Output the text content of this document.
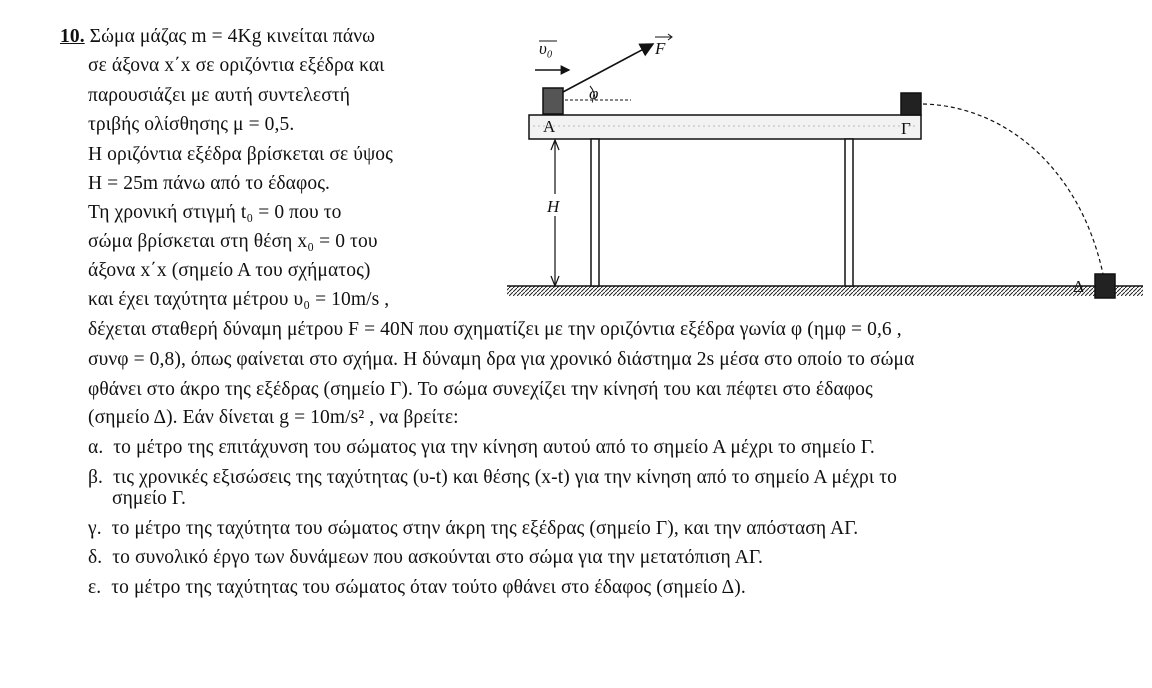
10. Σώμα μάζας m = 4Kg κινείται πάνω
σε άξονα x΄x σε οριζόντια εξέδρα και
παρουσιάζει με αυτή συντελεστή
τριβής ολίσθησης μ = 0,5.
Η οριζόντια εξέδρα βρίσκεται σε ύψος
H = 25m πάνω από το έδαφος.
Τη χρονική στιγμή t₀ = 0 που το
σώμα βρίσκεται στη θέση x₀ = 0 του
άξονα x΄x (σημείο Α του σχήματος)
και έχει ταχύτητα μέτρου υ₀ = 10m/s ,
δέχεται σταθερή δύναμη μέτρου F = 40N που σχηματίζει με την οριζόντια εξέδρα γωνία φ (ημφ = 0,6 ,
συνφ = 0,8), όπως φαίνεται στο σχήμα. Η δύναμη δρα για χρονικό διάστημα 2s μέσα στο οποίο το σώμα
φθάνει στο άκρο της εξέδρας (σημείο Γ). Το σώμα συνεχίζει την κίνησή του και πέφτει στο έδαφος
(σημείο Δ). Εάν δίνεται g = 10m/s² , να βρείτε:
α. το μέτρο της επιτάχυνση του σώματος για την κίνηση αυτού από το σημείο Α μέχρι το σημείο Γ.
β. τις χρονικές εξισώσεις της ταχύτητας (υ-t) και θέσης (x-t) για την κίνηση από το σημείο Α μέχρι το
σημείο Γ.
γ. το μέτρο της ταχύτητα του σώματος στην άκρη της εξέδρας (σημείο Γ), και την απόσταση ΑΓ.
δ. το συνολικό έργο των δυνάμεων που ασκούνται στο σώμα για την μετατόπιση ΑΓ.
ε. το μέτρο της ταχύτητας του σώματος όταν τούτο φθάνει στο έδαφος (σημείο Δ).
H
Α
υ₀	F
φ
Γ
Δ
